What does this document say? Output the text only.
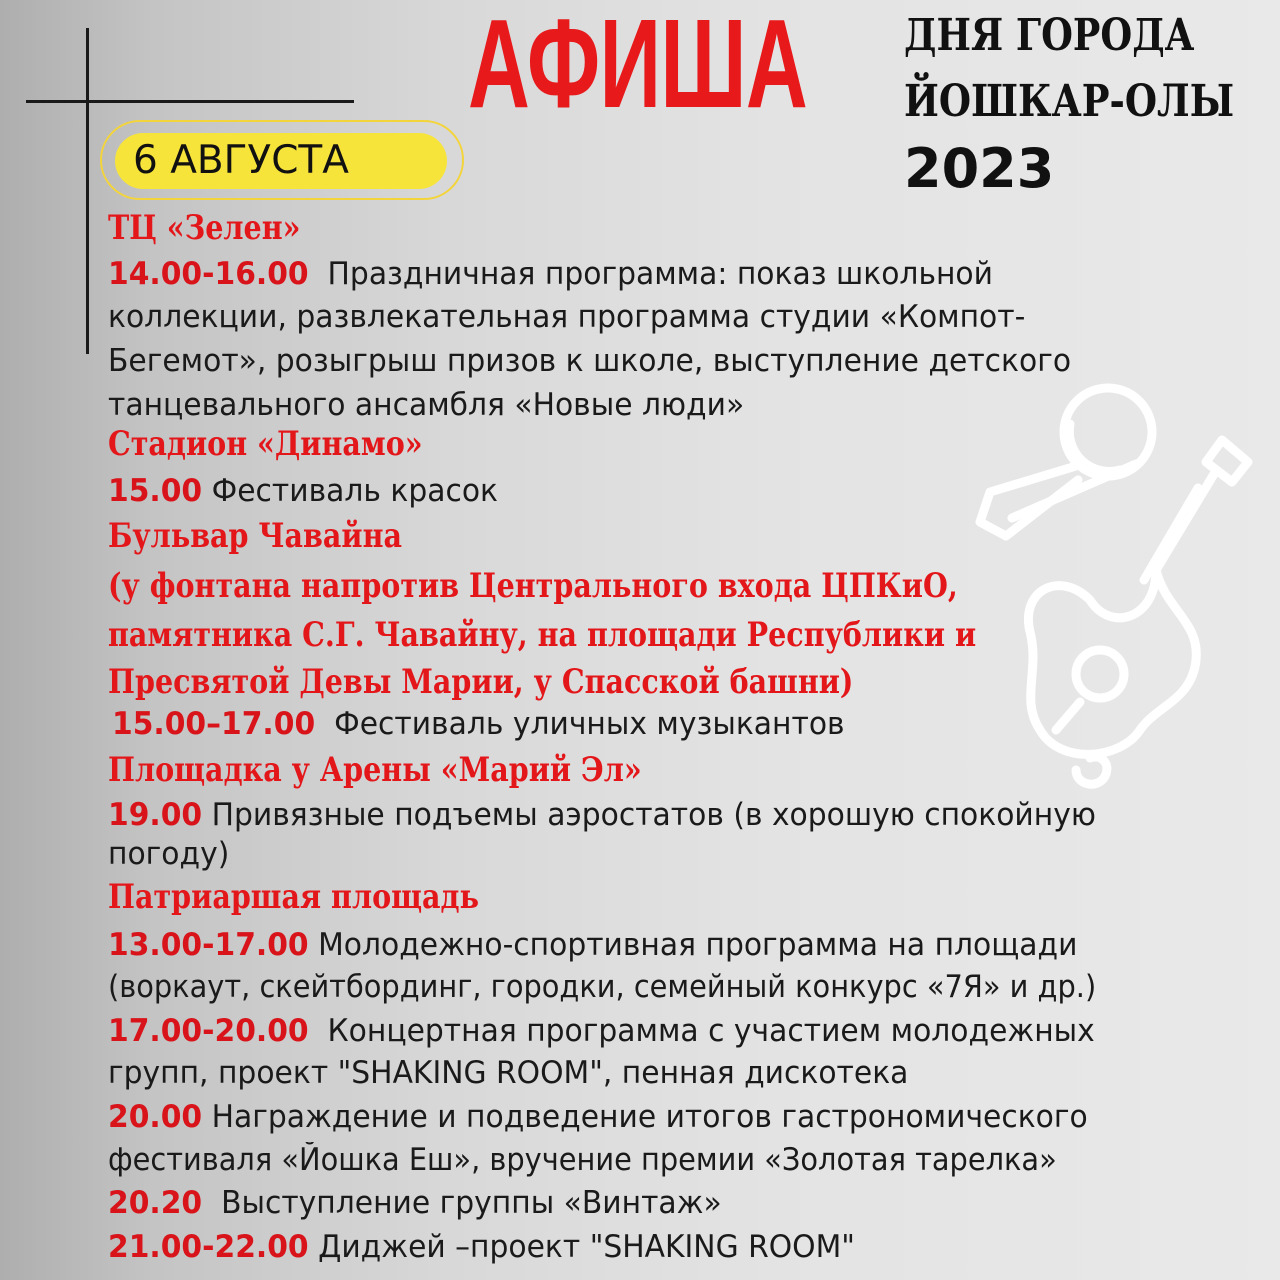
АФИША ДНЯ ГОРОДА
ЙОШКАР-ОЛЫ
2023
6 АВГУСТА
ТЦ «Зелен»
14.00-16.00 Праздничная программа: показ школьной
коллекции, развлекательная программа студии «Компот-
Бегемот», розыгрыш призов к школе, выступление детского
танцевального ансамбля «Новые люди»
Стадион «Динамо»
15.00 Фестиваль красок
Бульвар Чавайна
(у фонтана напротив Центрального входа ЦПКиО,
памятника С.Г. Чавайну, на площади Республики и
Пресвятой Девы Марии, у Спасской башни)
15.00–17.00 Фестиваль уличных музыкантов
Площадка у Арены «Марий Эл»
19.00 Привязные подъемы аэростатов (в хорошую спокойную
погоду)
Патриаршая площадь
13.00-17.00 Молодежно-спортивная программа на площади
(воркаут, скейтбординг, городки, семейный конкурс «7Я» и др.)
17.00-20.00 Концертная программа с участием молодежных
групп, проект "SHAKING ROOM", пенная дискотека
20.00 Награждение и подведение итогов гастрономического
фестиваля «Йошка Еш», вручение премии «Золотая тарелка»
20.20 Выступление группы «Винтаж»
21.00-22.00 Диджей –проект "SHAKING ROOM"
